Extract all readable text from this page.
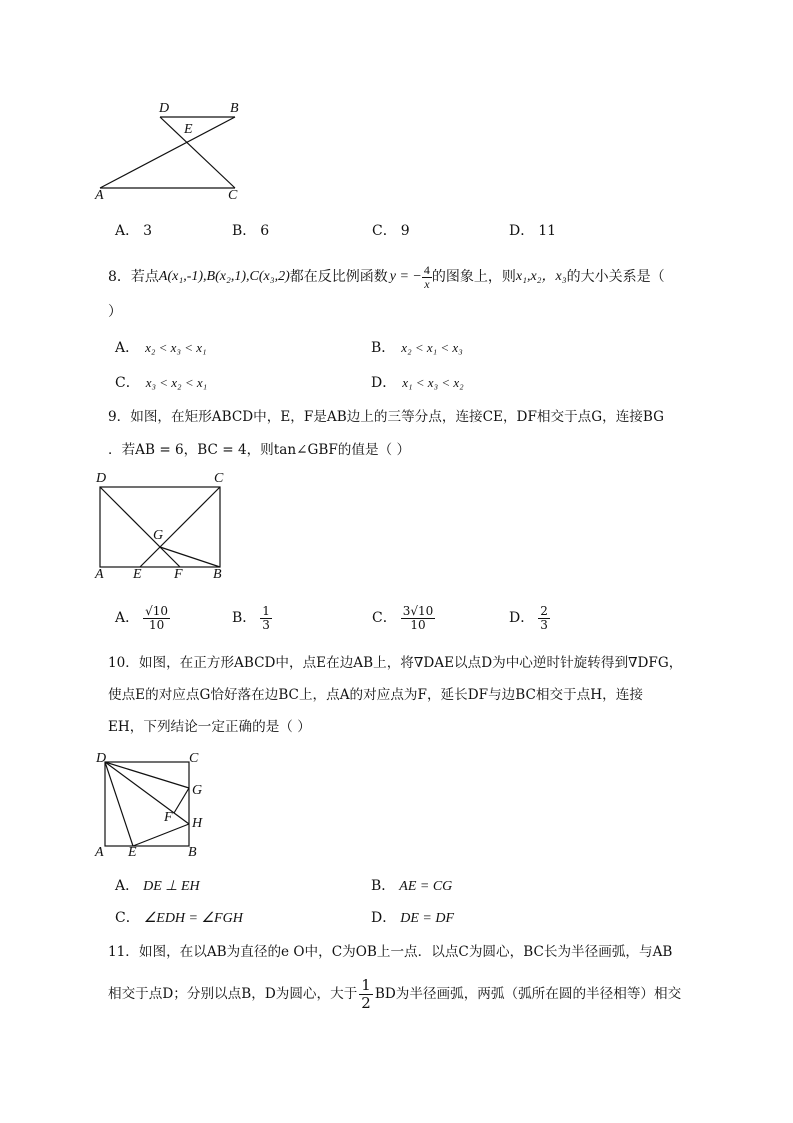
D	B
E
A	C
A． 3	B． 6	C． 9	D． 11
8．若点 A(x₁,-1),B(x₂,1),C(x₃,2) 都在反比例函数 y = − $\frac{4}{x}$ 的图象上，则 x₁,x₂，x₃ 的大小关系是（
）
A． x₂ < x₃ < x₁	B． x₂ < x₁ < x₃
C． x₃ < x₂ < x₁	D． x₁ < x₃ < x₂
9．如图，在矩形ABCD中，E，F是AB边上的三等分点，连接CE，DF相交于点G，连接BG
．若AB = 6，BC = 4，则tan∠GBF的值是（ ）
D	C
G
A E F B
A． $\frac{√10}{10}$	B． $\frac{1}{3}$	C． $\frac{3√10}{10}$	D． $\frac{2}{3}$
10．如图，在正方形ABCD中，点E在边AB上，将∇DAE以点D为中心逆时针旋转得到∇DFG，
使点E的对应点G恰好落在边BC上，点A的对应点为F，延长DF与边BC相交于点H，连接
EH，下列结论一定正确的是（ ）
D	C
G
F H
A E	B
A． DE ⊥ EH	B． AE = CG
C． ∠EDH = ∠FGH	D． DE = DF
11．如图，在以AB为直径的e O中，C为OB上一点．以点C为圆心，BC长为半径画弧，与AB
相交于点D；分别以点B，D为圆心，大于 $\frac{1}{2}$ BD为半径画弧，两弧（弧所在圆的半径相等）相交
